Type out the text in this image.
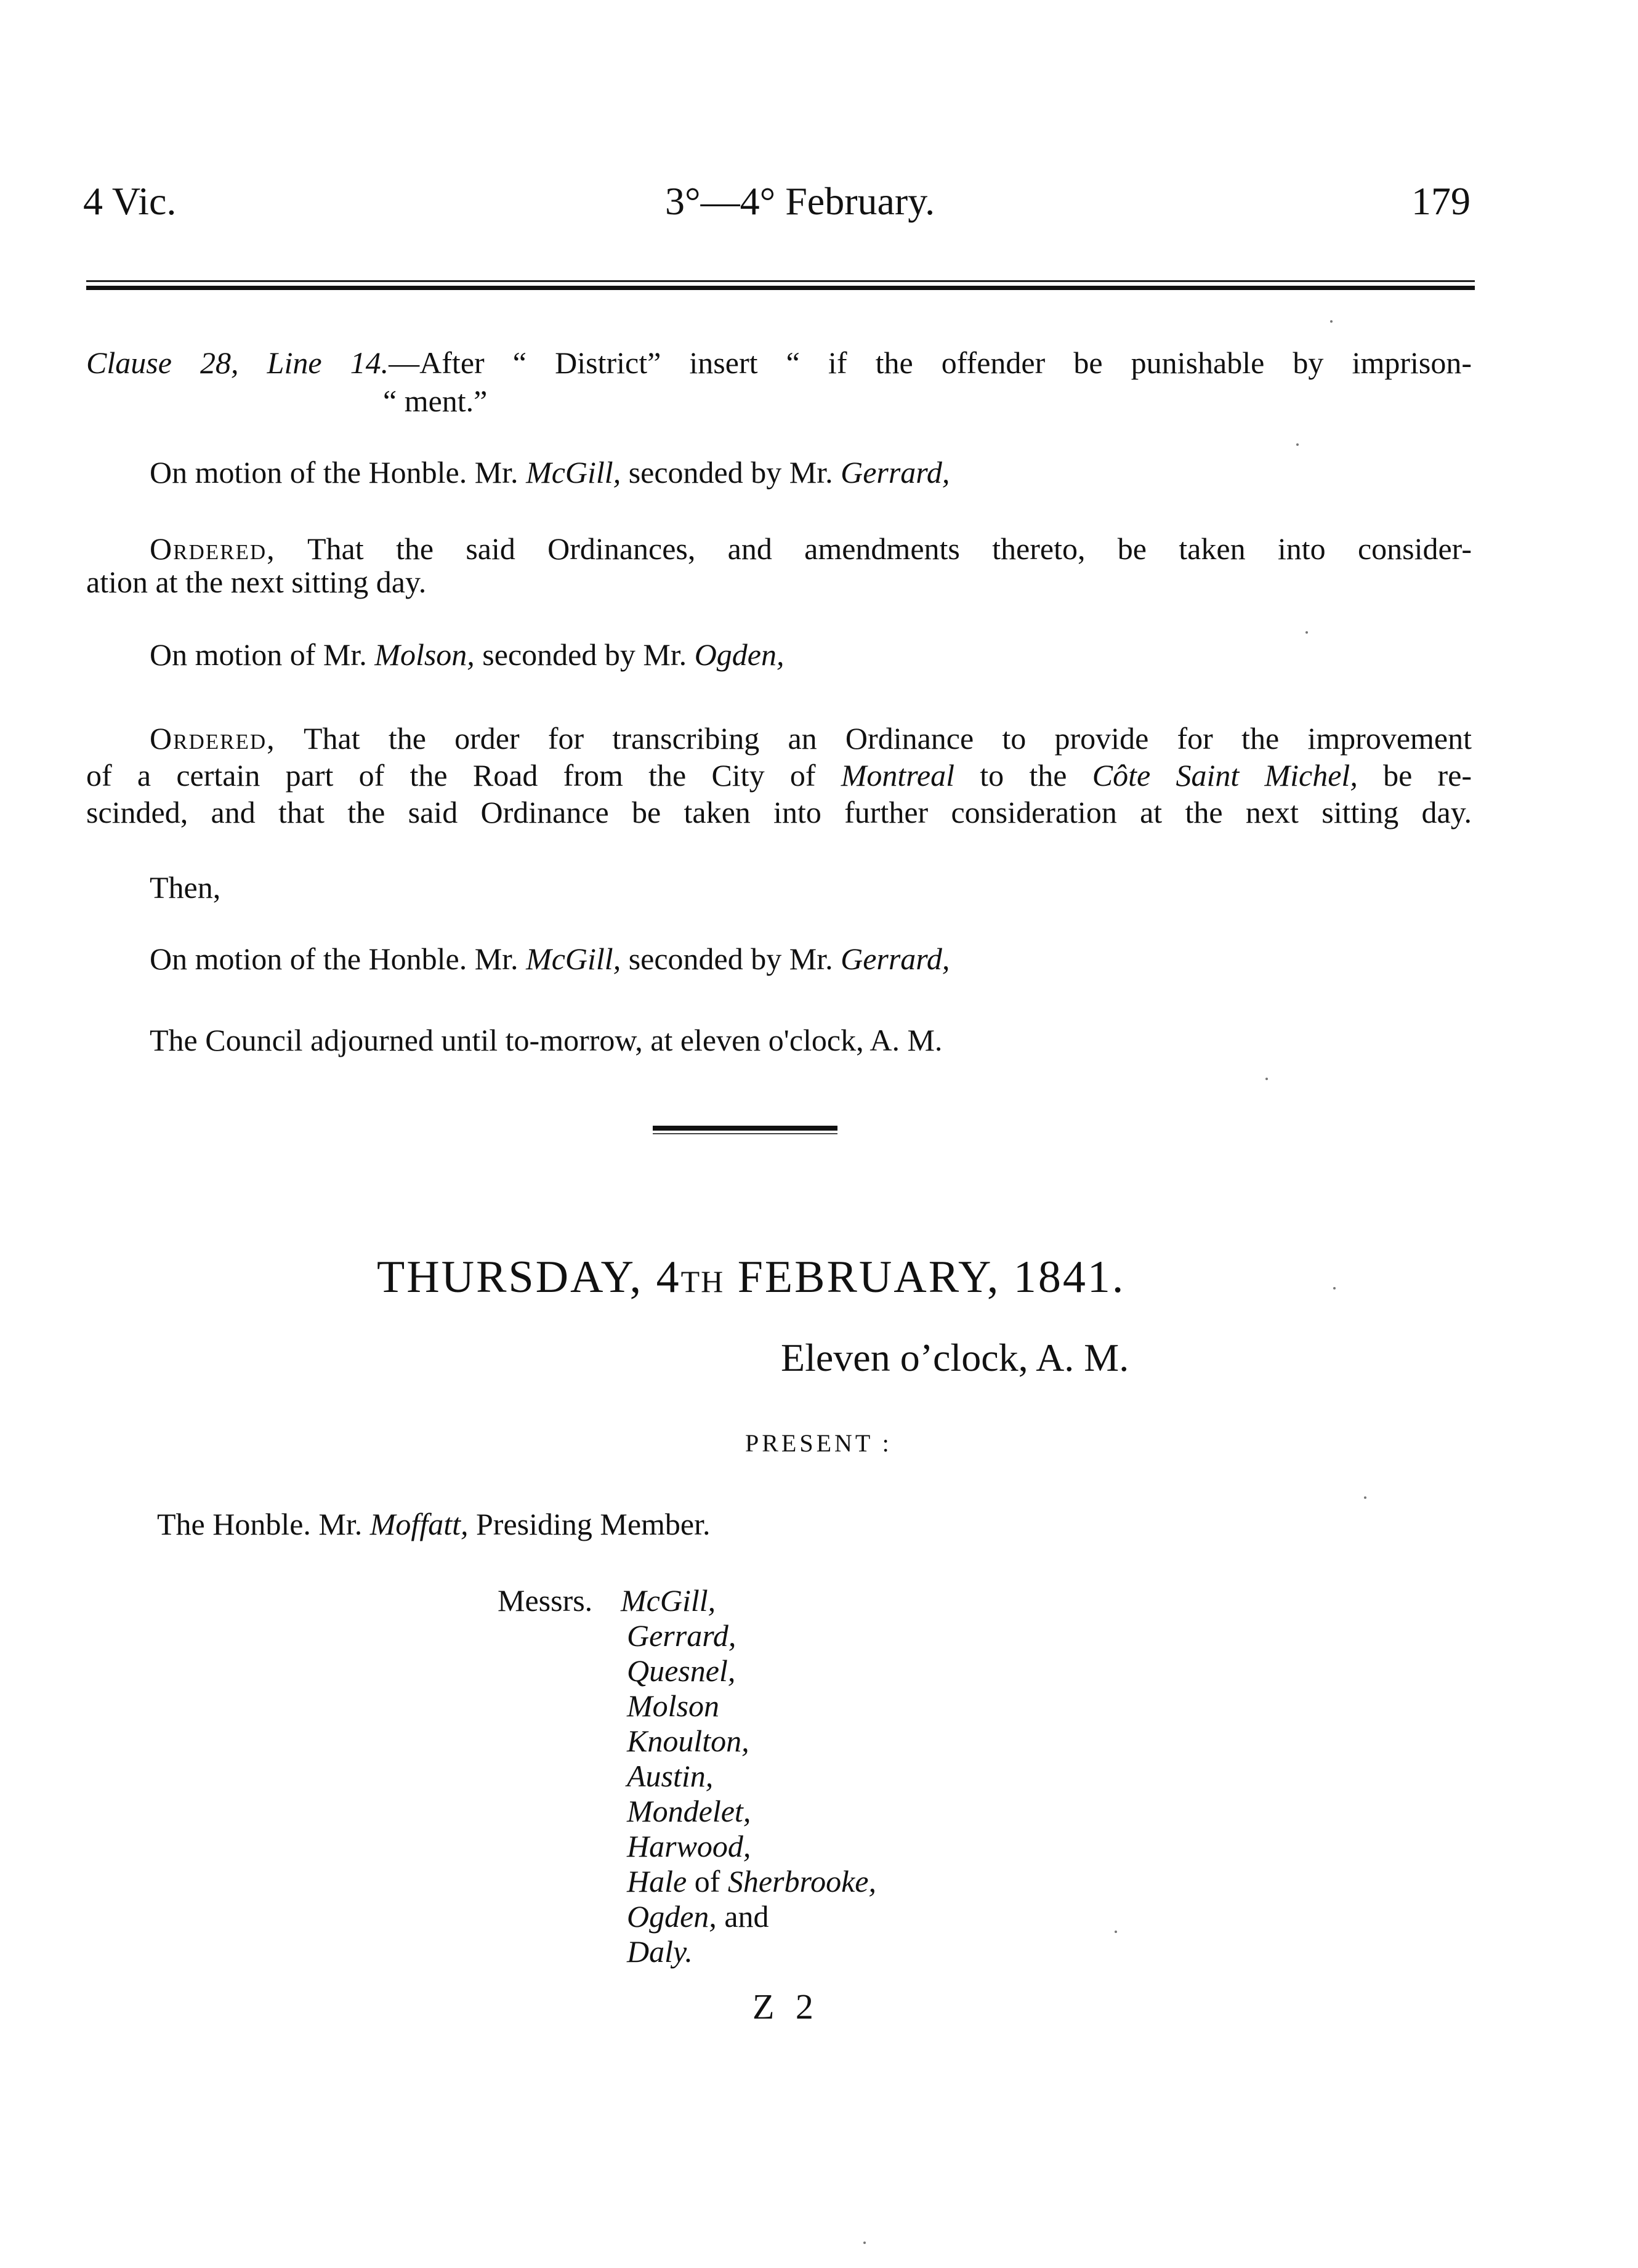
4 Vic.	3°—4° February.	179
Clause 28, Line 14.—After “ District” insert “ if the offender be punishable by imprison-
“ ment.”
On motion of the Honble. Mr. McGill, seconded by Mr. Gerrard,
Ordered, That the said Ordinances, and amendments thereto, be taken into consider-
ation at the next sitting day.
On motion of Mr. Molson, seconded by Mr. Ogden,
Ordered, That the order for transcribing an Ordinance to provide for the improvement
of a certain part of the Road from the City of Montreal to the Côte Saint Michel, be re-
scinded, and that the said Ordinance be taken into further consideration at the next sitting day.
Then,
On motion of the Honble. Mr. McGill, seconded by Mr. Gerrard,
The Council adjourned until to-morrow, at eleven o'clock, A. M.
THURSDAY, 4TH FEBRUARY, 1841.
Eleven o’clock, A. M.
PRESENT :
The Honble. Mr. Moffatt, Presiding Member.
Messrs. McGill,
Gerrard,
Quesnel,
Molson
Knoulton,
Austin,
Mondelet,
Harwood,
Hale of Sherbrooke,
Ogden, and
Daly.
Z 2
